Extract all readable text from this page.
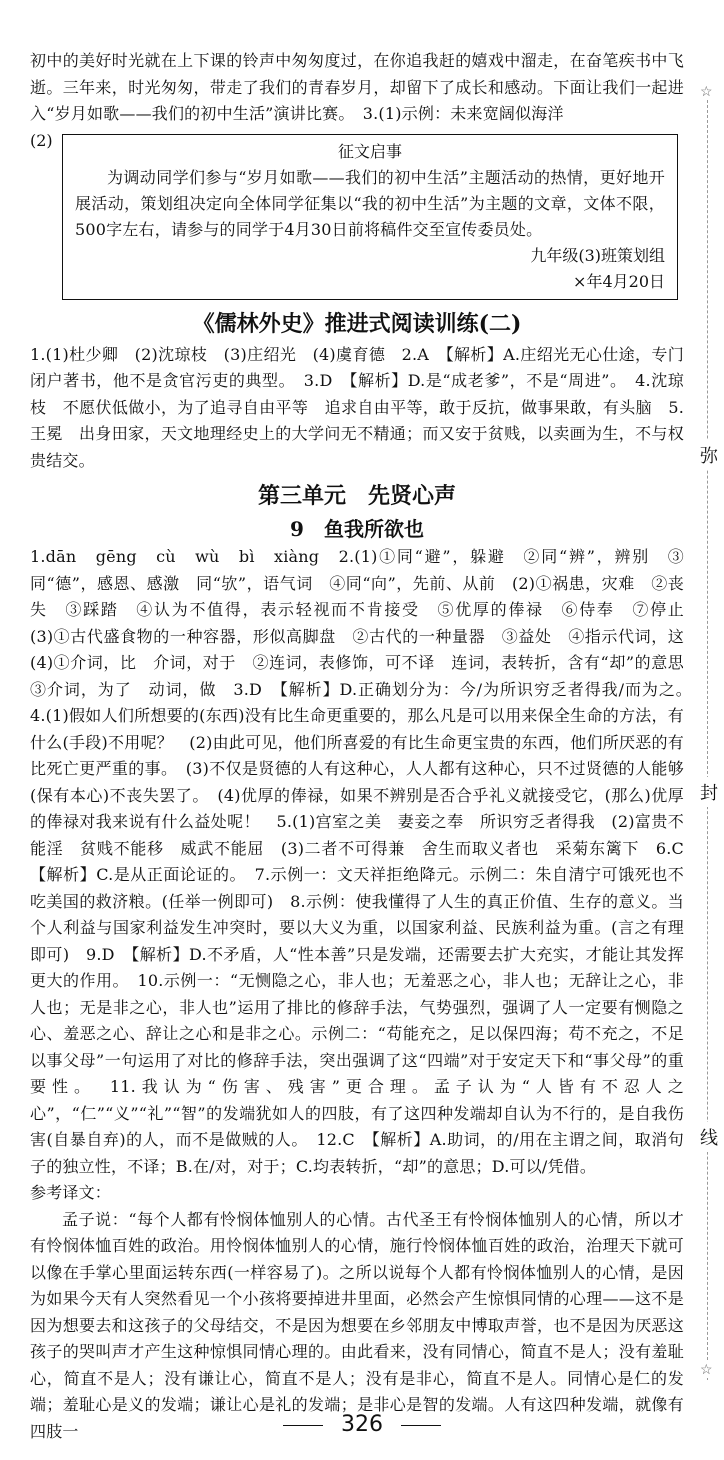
☆
弥
封
线
☆

初中的美好时光就在上下课的铃声中匆匆度过，在你追我赶的嬉戏中溜走，在奋笔疾书中飞逝。三年来，时光匆匆，带走了我们的青春岁月，却留下了成长和感动。下面让我们一起进入“岁月如歌——我们的初中生活”演讲比赛。　3.(1)示例：未来宽阔似海洋

(2)
征文启事

为调动同学们参与“岁月如歌——我们的初中生活”主题活动的热情，更好地开展活动，策划组决定向全体同学征集以“我的初中生活”为主题的文章，文体不限，500字左右，请参与的同学于4月30日前将稿件交至宣传委员处。

九年级(3)班策划组
×年4月20日
《儒林外史》推进式阅读训练(二)

1.(1)杜少卿　(2)沈琼枝　(3)庄绍光　(4)虞育德　2.A　【解析】A.庄绍光无心仕途，专门闭户著书，他不是贪官污吏的典型。　3.D　【解析】D.是“成老爹”，不是“周进”。　4.沈琼枝　不愿伏低做小，为了追寻自由平等　追求自由平等，敢于反抗，做事果敢，有头脑　5.王冕　出身田家，天文地理经史上的大学问无不精通；而又安于贫贱，以卖画为生，不与权贵结交。

第三单元　先贤心声
9　鱼我所欲也

1.dān　gēng　cù　wù　bì　xiàng　2.(1)①同“避”，躲避　②同“辨”，辨别　③同“德”，感恩、感激　同“欤”，语气词　④同“向”，先前、从前　(2)①祸患，灾难　②丧失　③踩踏　④认为不值得，表示轻视而不肯接受　⑤优厚的俸禄　⑥侍奉　⑦停止　(3)①古代盛食物的一种容器，形似高脚盘　②古代的一种量器　③益处　④指示代词，这　(4)①介词，比　介词，对于　②连词，表修饰，可不译　连词，表转折，含有“却”的意思　③介词，为了　动词，做　3.D　【解析】D.正确划分为：今/为所识穷乏者得我/而为之。　4.(1)假如人们所想要的(东西)没有比生命更重要的，那么凡是可以用来保全生命的方法，有什么(手段)不用呢？　(2)由此可见，他们所喜爱的有比生命更宝贵的东西，他们所厌恶的有比死亡更严重的事。　(3)不仅是贤德的人有这种心，人人都有这种心，只不过贤德的人能够(保有本心)不丧失罢了。　(4)优厚的俸禄，如果不辨别是否合乎礼义就接受它，(那么)优厚的俸禄对我来说有什么益处呢！　5.(1)宫室之美　妻妾之奉　所识穷乏者得我　(2)富贵不能淫　贫贱不能移　威武不能屈　(3)二者不可得兼　舍生而取义者也　采菊东篱下　6.C　【解析】C.是从正面论证的。　7.示例一：文天祥拒绝降元。示例二：朱自清宁可饿死也不吃美国的救济粮。(任举一例即可)　8.示例：使我懂得了人生的真正价值、生存的意义。当个人利益与国家利益发生冲突时，要以大义为重，以国家利益、民族利益为重。(言之有理即可)　9.D　【解析】D.不矛盾，人“性本善”只是发端，还需要去扩大充实，才能让其发挥更大的作用。　10.示例一：“无恻隐之心，非人也；无羞恶之心，非人也；无辞让之心，非人也；无是非之心，非人也”运用了排比的修辞手法，气势强烈，强调了人一定要有恻隐之心、羞恶之心、辞让之心和是非之心。示例二：“苟能充之，足以保四海；苟不充之，不足以事父母”一句运用了对比的修辞手法，突出强调了这“四端”对于安定天下和“事父母”的重要性。　11.我认为“伤害、残害”更合理。孟子认为“人皆有不忍人之心”，“仁”“义”“礼”“智”的发端犹如人的四肢，有了这四种发端却自认为不行的，是自我伤害(自暴自弃)的人，而不是做贼的人。　12.C　【解析】A.助词，的/用在主谓之间，取消句子的独立性，不译；B.在/对，对于；C.均表转折，“却”的意思；D.可以/凭借。

参考译文：

孟子说：“每个人都有怜悯体恤别人的心情。古代圣王有怜悯体恤别人的心情，所以才有怜悯体恤百姓的政治。用怜悯体恤别人的心情，施行怜悯体恤百姓的政治，治理天下就可以像在手掌心里面运转东西(一样容易了)。之所以说每个人都有怜悯体恤别人的心情，是因为如果今天有人突然看见一个小孩将要掉进井里面，必然会产生惊惧同情的心理——这不是因为想要去和这孩子的父母结交，不是因为想要在乡邻朋友中博取声誉，也不是因为厌恶这孩子的哭叫声才产生这种惊惧同情心理的。由此看来，没有同情心，简直不是人；没有羞耻心，简直不是人；没有谦让心，简直不是人；没有是非心，简直不是人。同情心是仁的发端；羞耻心是义的发端；谦让心是礼的发端；是非心是智的发端。人有这四种发端，就像有四肢一	326
